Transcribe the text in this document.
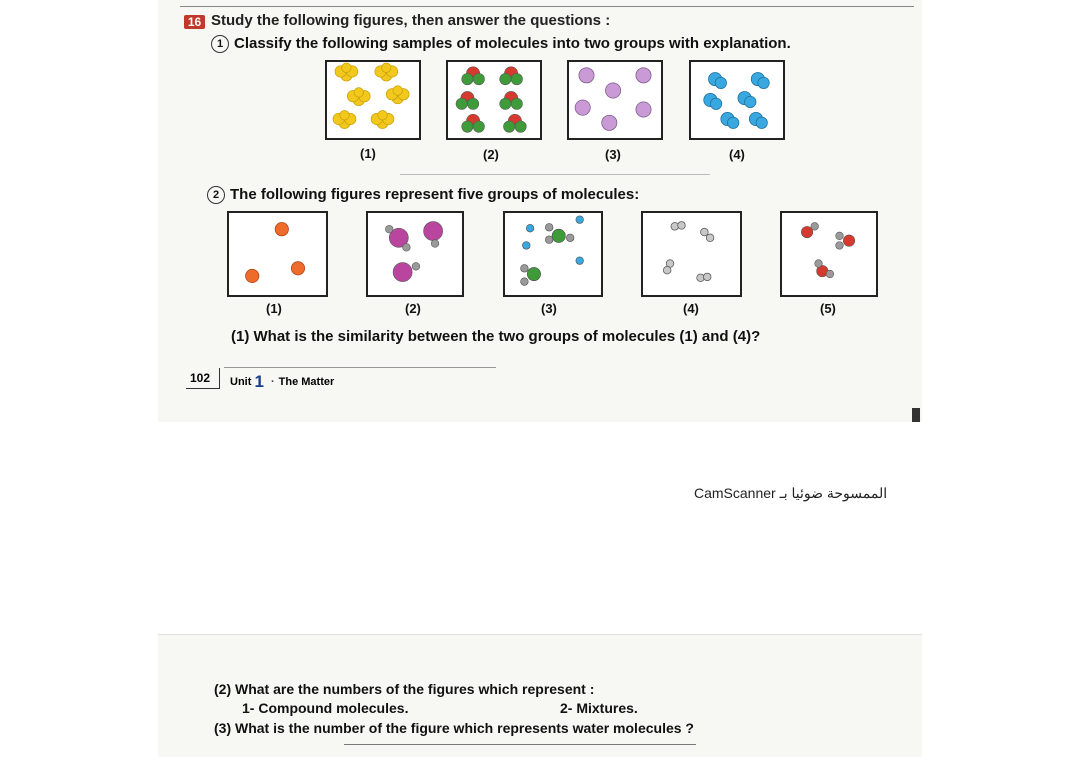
16 Study the following figures, then answer the questions :
1 Classify the following samples of molecules into two groups with explanation.
(1)	(2)	(3)	(4)
2 The following figures represent five groups of molecules:
(1)	(2)	(3)	(4)	(5)
(1) What is the similarity between the two groups of molecules (1) and (4)?
102 Unit 1 · The Matter
CamScanner الممسوحة ضوئيا بـ
(2) What are the numbers of the figures which represent :
1- Compound molecules.	2- Mixtures.
(3) What is the number of the figure which represents water molecules ?
